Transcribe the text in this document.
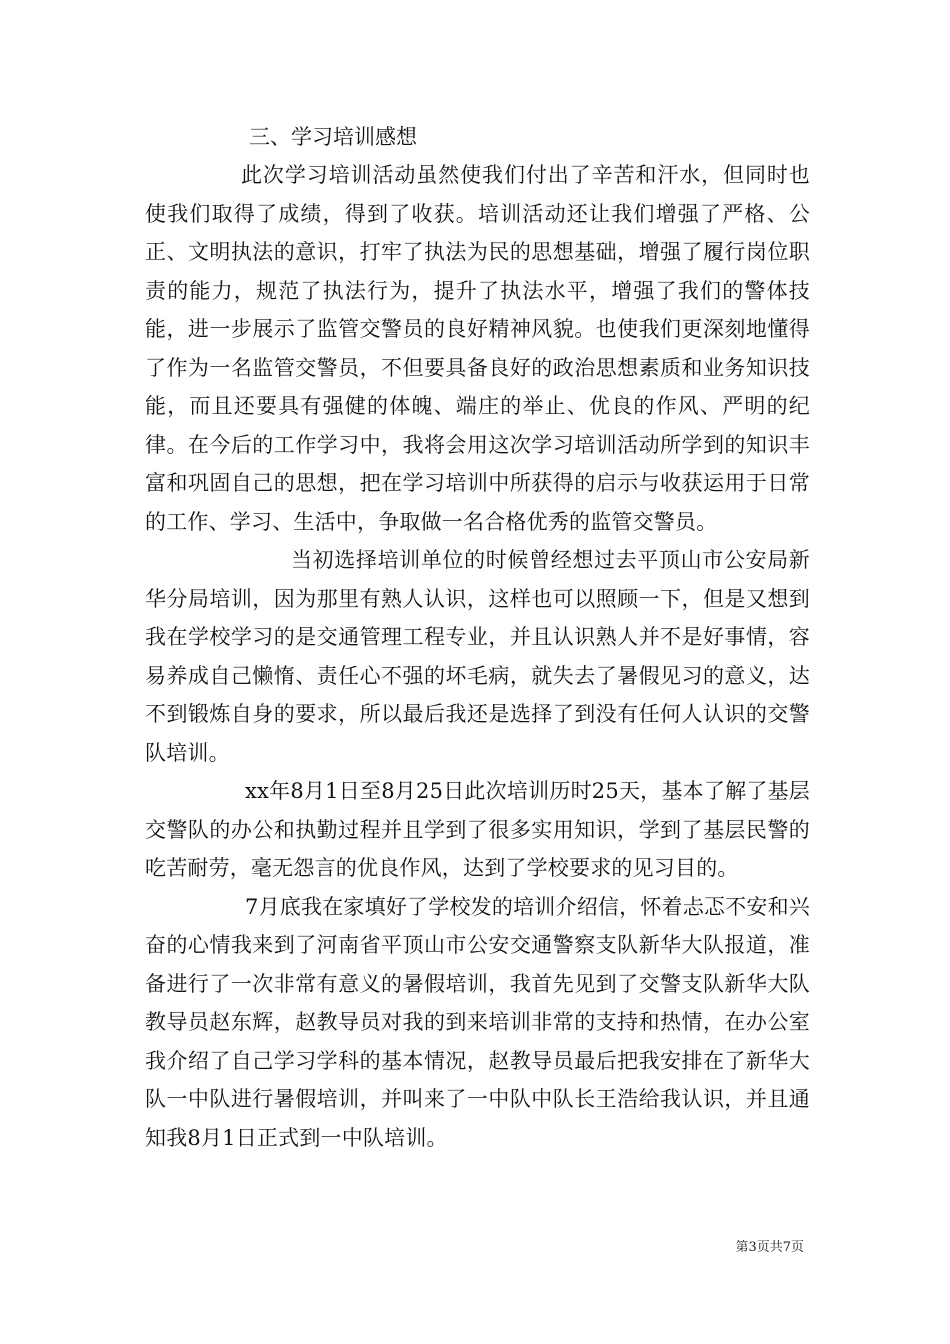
三、学习培训感想

此次学习培训活动虽然使我们付出了辛苦和汗水，但同时也使我们取得了成绩，得到了收获。培训活动还让我们增强了严格、公正、文明执法的意识，打牢了执法为民的思想基础，增强了履行岗位职责的能力，规范了执法行为，提升了执法水平，增强了我们的警体技能，进一步展示了监管交警员的良好精神风貌。也使我们更深刻地懂得了作为一名监管交警员，不但要具备良好的政治思想素质和业务知识技能，而且还要具有强健的体魄、端庄的举止、优良的作风、严明的纪律。在今后的工作学习中，我将会用这次学习培训活动所学到的知识丰富和巩固自己的思想，把在学习培训中所获得的启示与收获运用于日常的工作、学习、生活中，争取做一名合格优秀的监管交警员。

当初选择培训单位的时候曾经想过去平顶山市公安局新华分局培训，因为那里有熟人认识，这样也可以照顾一下，但是又想到我在学校学习的是交通管理工程专业，并且认识熟人并不是好事情，容易养成自己懒惰、责任心不强的坏毛病，就失去了暑假见习的意义，达不到锻炼自身的要求，所以最后我还是选择了到没有任何人认识的交警队培训。

xx年8月1日至8月25日此次培训历时25天，基本了解了基层交警队的办公和执勤过程并且学到了很多实用知识，学到了基层民警的吃苦耐劳，毫无怨言的优良作风，达到了学校要求的见习目的。

7月底我在家填好了学校发的培训介绍信，怀着忐忑不安和兴奋的心情我来到了河南省平顶山市公安交通警察支队新华大队报道，准备进行了一次非常有意义的暑假培训，我首先见到了交警支队新华大队教导员赵东辉，赵教导员对我的到来培训非常的支持和热情，在办公室我介绍了自己学习学科的基本情况，赵教导员最后把我安排在了新华大队一中队进行暑假培训，并叫来了一中队中队长王浩给我认识，并且通知我8月1日正式到一中队培训。

第3页共7页
